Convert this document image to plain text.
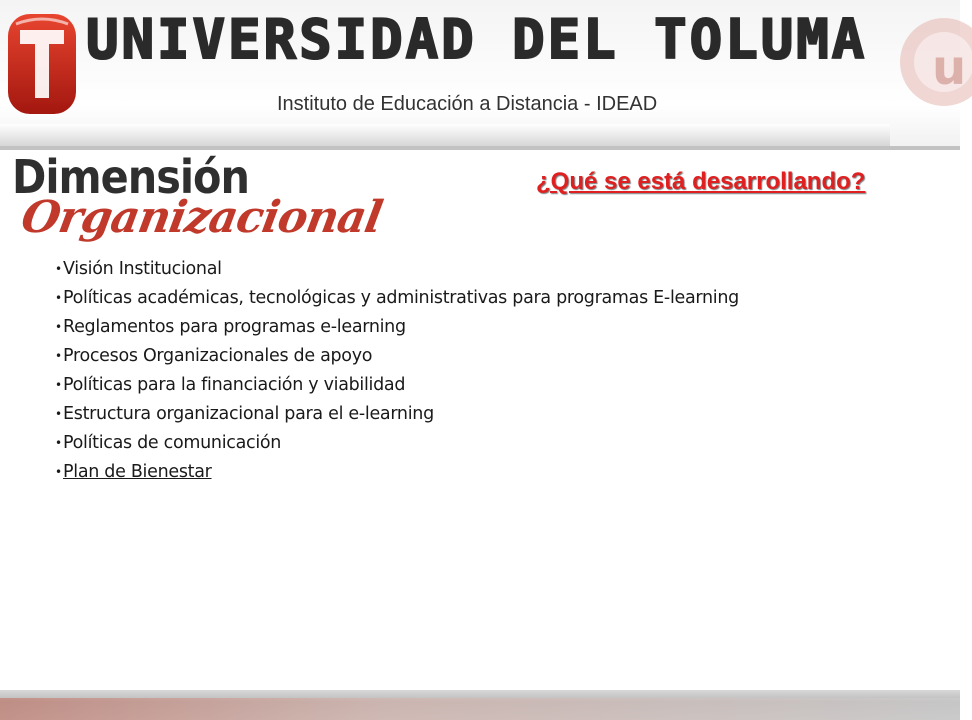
UNIVERSIDAD DEL TOLUMA
Instituto de Educación a Distancia - IDEAD
u
Dimensión
Organizacional
¿Qué se está desarrollando?
•Visión Institucional
•Políticas académicas, tecnológicas y administrativas para programas E-learning
•Reglamentos para programas e-learning
•Procesos Organizacionales de apoyo
•Políticas para la financiación y viabilidad
•Estructura organizacional para el e-learning
•Políticas de comunicación
•Plan de Bienestar
